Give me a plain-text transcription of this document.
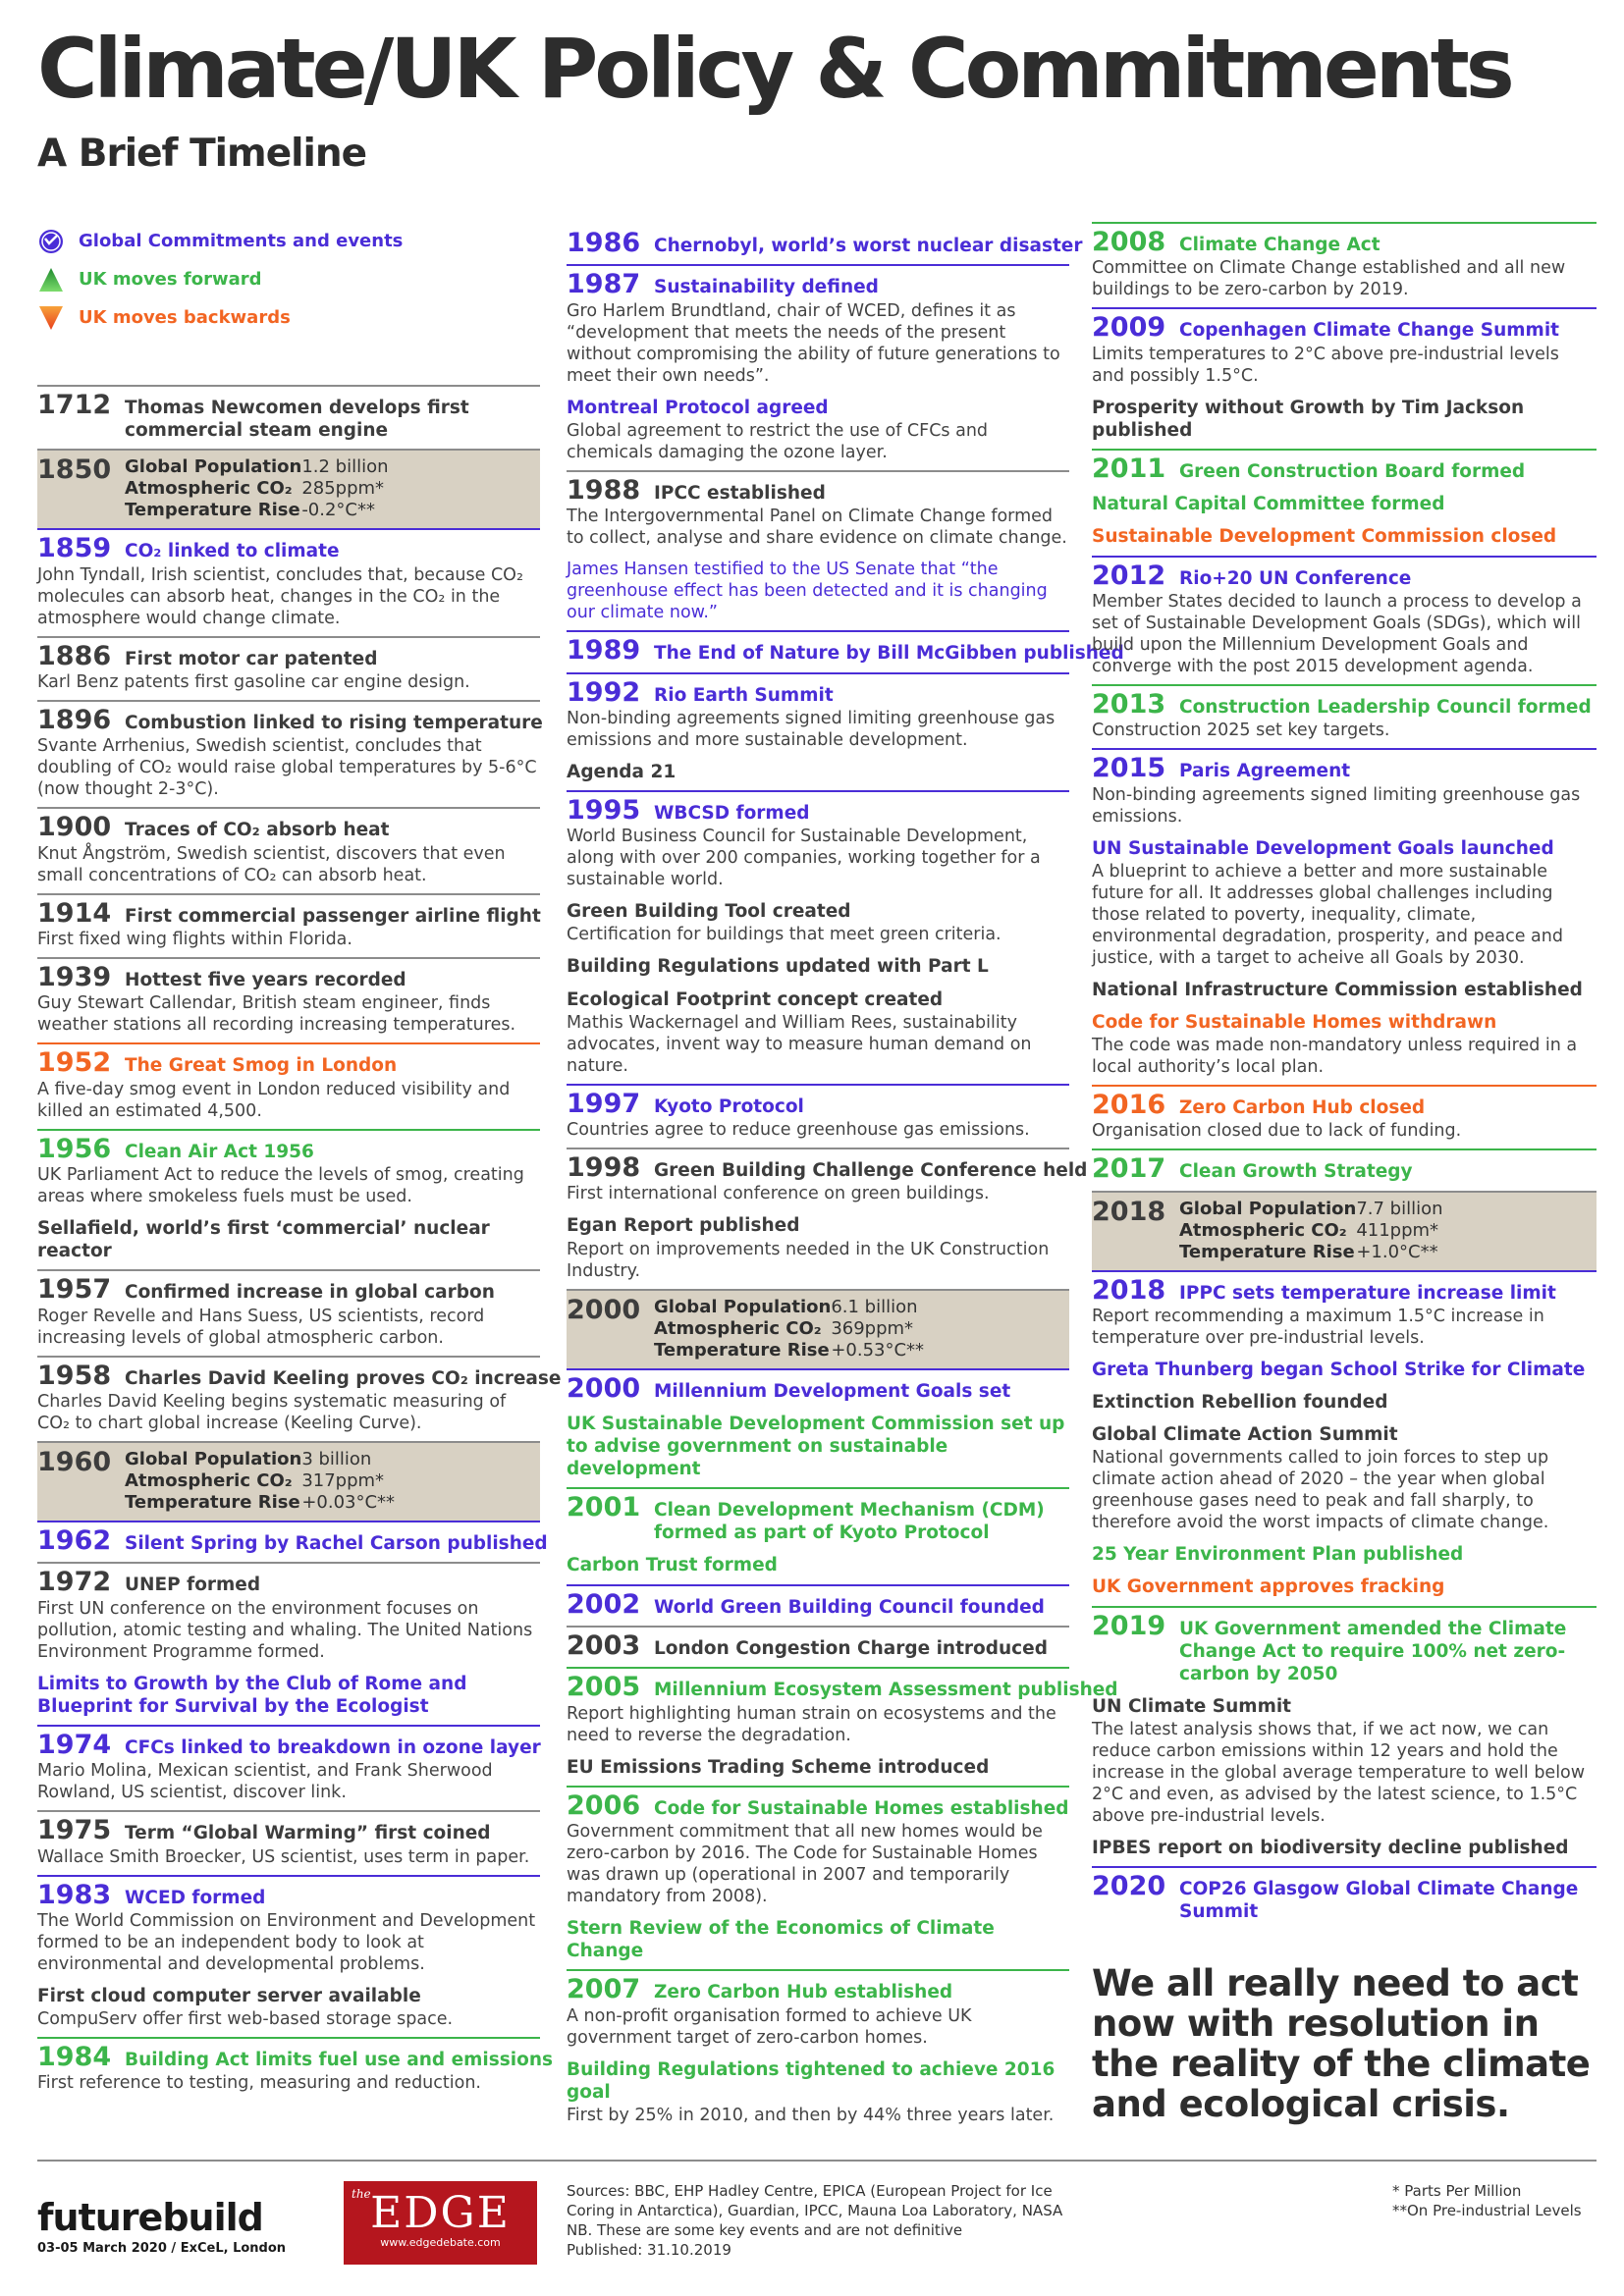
Climate/UK Policy & Commitments
A Brief Timeline
Global Commitments and events
UK moves forward
UK moves backwards
1712 Thomas Newcomen develops first commercial steam engine
1850 Global Population	1.2 billion
Atmospheric CO₂	285ppm*
Temperature Rise	-0.2°C**
1859 CO₂ linked to climate
John Tyndall, Irish scientist, concludes that, because CO₂ molecules can absorb heat, changes in the CO₂ in the atmosphere would change climate.
1886 First motor car patented
Karl Benz patents first gasoline car engine design.
1896 Combustion linked to rising temperature
Svante Arrhenius, Swedish scientist, concludes that doubling of CO₂ would raise global temperatures by 5-6°C (now thought 2-3°C).
1900 Traces of CO₂ absorb heat
Knut Ångström, Swedish scientist, discovers that even small concentrations of CO₂ can absorb heat.
1914 First commercial passenger airline flight
First fixed wing flights within Florida.
1939 Hottest five years recorded
Guy Stewart Callendar, British steam engineer, finds weather stations all recording increasing temperatures.
1952 The Great Smog in London
A five-day smog event in London reduced visibility and killed an estimated 4,500.
1956 Clean Air Act 1956
UK Parliament Act to reduce the levels of smog, creating areas where smokeless fuels must be used.
Sellafield, world’s first ‘commercial’ nuclear reactor
1957 Confirmed increase in global carbon
Roger Revelle and Hans Suess, US scientists, record increasing levels of global atmospheric carbon.
1958 Charles David Keeling proves CO₂ increase
Charles David Keeling begins systematic measuring of CO₂ to chart global increase (Keeling Curve).
1960 Global Population	3 billion
Atmospheric CO₂	317ppm*
Temperature Rise	+0.03°C**
1962 Silent Spring by Rachel Carson published
1972 UNEP formed
First UN conference on the environment focuses on pollution, atomic testing and whaling. The United Nations Environment Programme formed.
Limits to Growth by the Club of Rome and Blueprint for Survival by the Ecologist
1974 CFCs linked to breakdown in ozone layer
Mario Molina, Mexican scientist, and Frank Sherwood Rowland, US scientist, discover link.
1975 Term “Global Warming” first coined
Wallace Smith Broecker, US scientist, uses term in paper.
1983 WCED formed
The World Commission on Environment and Development formed to be an independent body to look at environmental and developmental problems.
First cloud computer server available
CompuServ offer first web-based storage space.
1984 Building Act limits fuel use and emissions
First reference to testing, measuring and reduction.
1986 Chernobyl, world’s worst nuclear disaster
1987 Sustainability defined
Gro Harlem Brundtland, chair of WCED, defines it as “development that meets the needs of the present without compromising the ability of future generations to meet their own needs”.
Montreal Protocol agreed
Global agreement to restrict the use of CFCs and chemicals damaging the ozone layer.
1988 IPCC established
The Intergovernmental Panel on Climate Change formed to collect, analyse and share evidence on climate change.
James Hansen testified to the US Senate that “the greenhouse effect has been detected and it is changing our climate now.”
1989 The End of Nature by Bill McGibben published
1992 Rio Earth Summit
Non-binding agreements signed limiting greenhouse gas emissions and more sustainable development.
Agenda 21
1995 WBCSD formed
World Business Council for Sustainable Development, along with over 200 companies, working together for a sustainable world.
Green Building Tool created
Certification for buildings that meet green criteria.
Building Regulations updated with Part L
Ecological Footprint concept created
Mathis Wackernagel and William Rees, sustainability advocates, invent way to measure human demand on nature.
1997 Kyoto Protocol
Countries agree to reduce greenhouse gas emissions.
1998 Green Building Challenge Conference held
First international conference on green buildings.
Egan Report published
Report on improvements needed in the UK Construction Industry.
2000 Global Population	6.1 billion
Atmospheric CO₂	369ppm*
Temperature Rise	+0.53°C**
2000 Millennium Development Goals set
UK Sustainable Development Commission set up to advise government on sustainable development
2001 Clean Development Mechanism (CDM) formed as part of Kyoto Protocol
Carbon Trust formed
2002 World Green Building Council founded
2003 London Congestion Charge introduced
2005 Millennium Ecosystem Assessment published
Report highlighting human strain on ecosystems and the need to reverse the degradation.
EU Emissions Trading Scheme introduced
2006 Code for Sustainable Homes established
Government commitment that all new homes would be zero-carbon by 2016. The Code for Sustainable Homes was drawn up (operational in 2007 and temporarily mandatory from 2008).
Stern Review of the Economics of Climate Change
2007 Zero Carbon Hub established
A non-profit organisation formed to achieve UK government target of zero-carbon homes.
Building Regulations tightened to achieve 2016 goal
First by 25% in 2010, and then by 44% three years later.
2008 Climate Change Act
Committee on Climate Change established and all new buildings to be zero-carbon by 2019.
2009 Copenhagen Climate Change Summit
Limits temperatures to 2°C above pre-industrial levels and possibly 1.5°C.
Prosperity without Growth by Tim Jackson published
2011 Green Construction Board formed
Natural Capital Committee formed
Sustainable Development Commission closed
2012 Rio+20 UN Conference
Member States decided to launch a process to develop a set of Sustainable Development Goals (SDGs), which will build upon the Millennium Development Goals and converge with the post 2015 development agenda.
2013 Construction Leadership Council formed
Construction 2025 set key targets.
2015 Paris Agreement
Non-binding agreements signed limiting greenhouse gas emissions.
UN Sustainable Development Goals launched
A blueprint to achieve a better and more sustainable future for all. It addresses global challenges including those related to poverty, inequality, climate, environmental degradation, prosperity, and peace and justice, with a target to acheive all Goals by 2030.
National Infrastructure Commission established
Code for Sustainable Homes withdrawn
The code was made non-mandatory unless required in a local authority’s local plan.
2016 Zero Carbon Hub closed
Organisation closed due to lack of funding.
2017 Clean Growth Strategy
2018 Global Population	7.7 billion
Atmospheric CO₂	411ppm*
Temperature Rise	+1.0°C**
2018 IPPC sets temperature increase limit
Report recommending a maximum 1.5°C increase in temperature over pre-industrial levels.
Greta Thunberg began School Strike for Climate
Extinction Rebellion founded
Global Climate Action Summit
National governments called to join forces to step up climate action ahead of 2020 – the year when global greenhouse gases need to peak and fall sharply, to therefore avoid the worst impacts of climate change.
25 Year Environment Plan published
UK Government approves fracking
2019 UK Government amended the Climate Change Act to require 100% net zero-carbon by 2050
UN Climate Summit
The latest analysis shows that, if we act now, we can reduce carbon emissions within 12 years and hold the increase in the global average temperature to well below 2°C and even, as advised by the latest science, to 1.5°C above pre-industrial levels.
IPBES report on biodiversity decline published
2020 COP26 Glasgow Global Climate Change Summit
We all really need to act now with resolution in the reality of the climate and ecological crisis.
futurebuild
03-05 March 2020 / ExCeL, London
the EDGE
www.edgedebate.com
Sources: BBC, EHP Hadley Centre, EPICA (European Project for Ice Coring in Antarctica), Guardian, IPCC, Mauna Loa Laboratory, NASA
NB. These are some key events and are not definitive
Published: 31.10.2019
* Parts Per Million
**On Pre-industrial Levels
